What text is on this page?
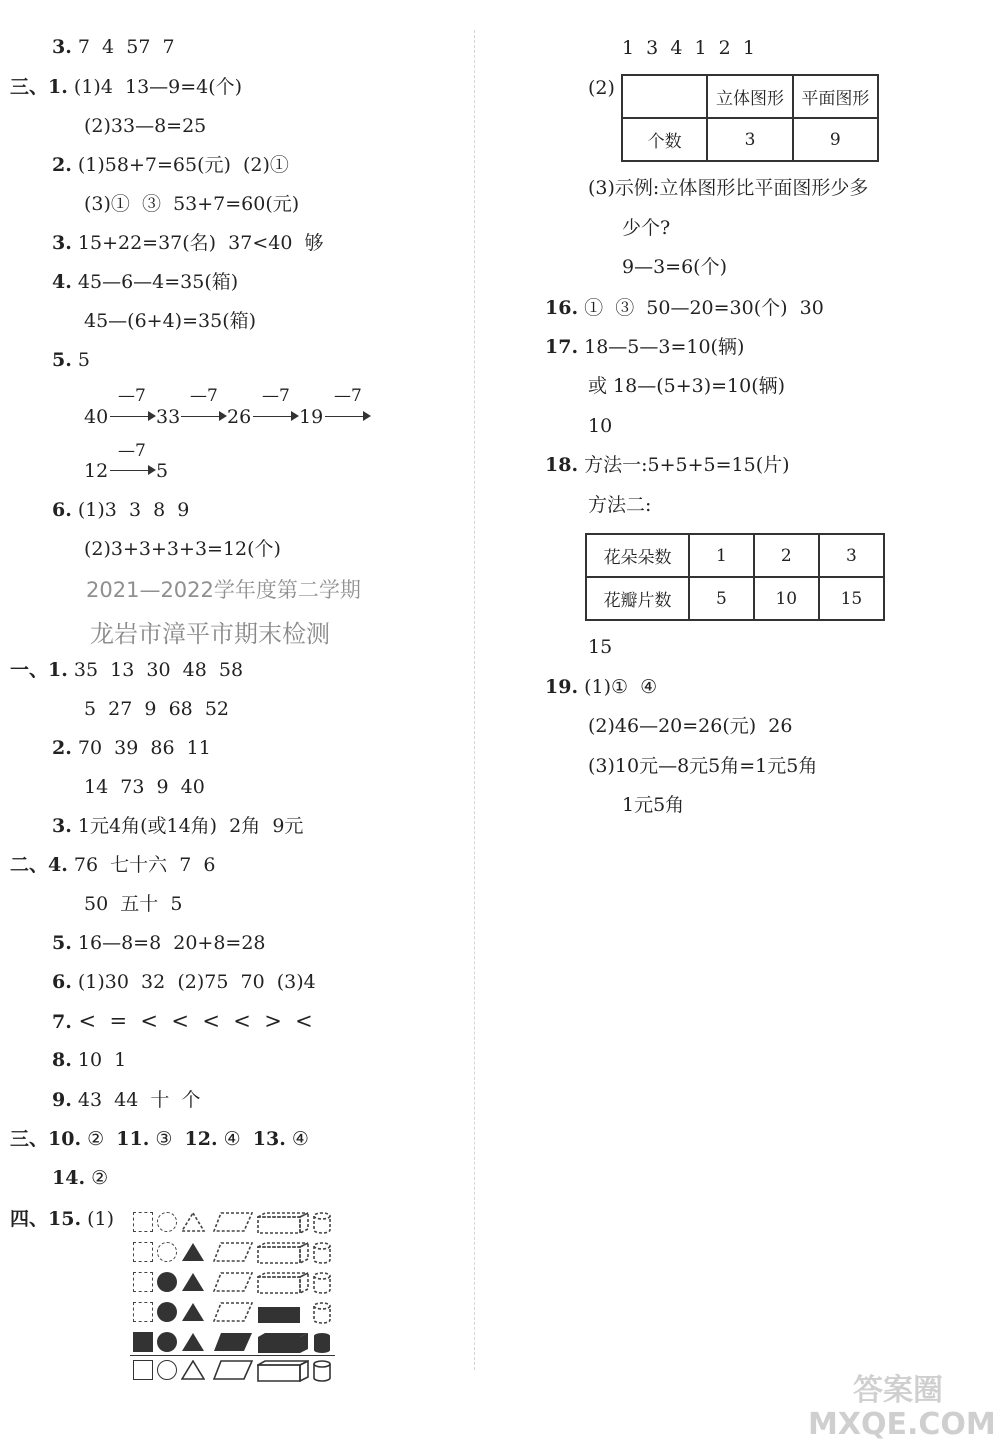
3. 7  4  57  7
三、1. (1)4  13—9=4(个)
(2)33—8=25
2. (1)58+7=65(元)  (2)①
(3)①  ③  53+7=60(元)
3. 15+22=37(名)  37<40  够
4. 45—6—4=35(箱)
45—(6+4)=35(箱)
5. 5
40
—7
33
—7
26
—7
19
—7
12
—7
5
6. (1)3  3  8  9
(2)3+3+3+3=12(个)
2021—2022学年度第二学期
龙岩市漳平市期末检测
一、1. 35  13  30  48  58
5  27  9  68  52
2. 70  39  86  11
14  73  9  40
3. 1元4角(或14角)  2角  9元
二、4. 76  七十六  7  6
50  五十  5
5. 16—8=8  20+8=28
6. (1)30  32  (2)75  70  (3)4
7. <  =  <  <  <  <  >  <
8. 10  1
9. 43  44  十  个
三、10. ② 11. ③ 12. ④ 13. ④
14. ②
四、15. (1)
1  3  4  1  2  1
(2)
		立体图形	平面图形
个数	3	9
(3)示例:立体图形比平面图形少多
少个?
9—3=6(个)
16. ①  ③  50—20=30(个)  30
17. 18—5—3=10(辆)
或 18—(5+3)=10(辆)
10
18. 方法一:5+5+5=15(片)
方法二:
花朵朵数	1	2	3
花瓣片数	5	10	15
15
19. (1)①  ④
(2)46—20=26(元)  26
(3)10元—8元5角=1元5角
1元5角
答案圈 MXQE.COM
